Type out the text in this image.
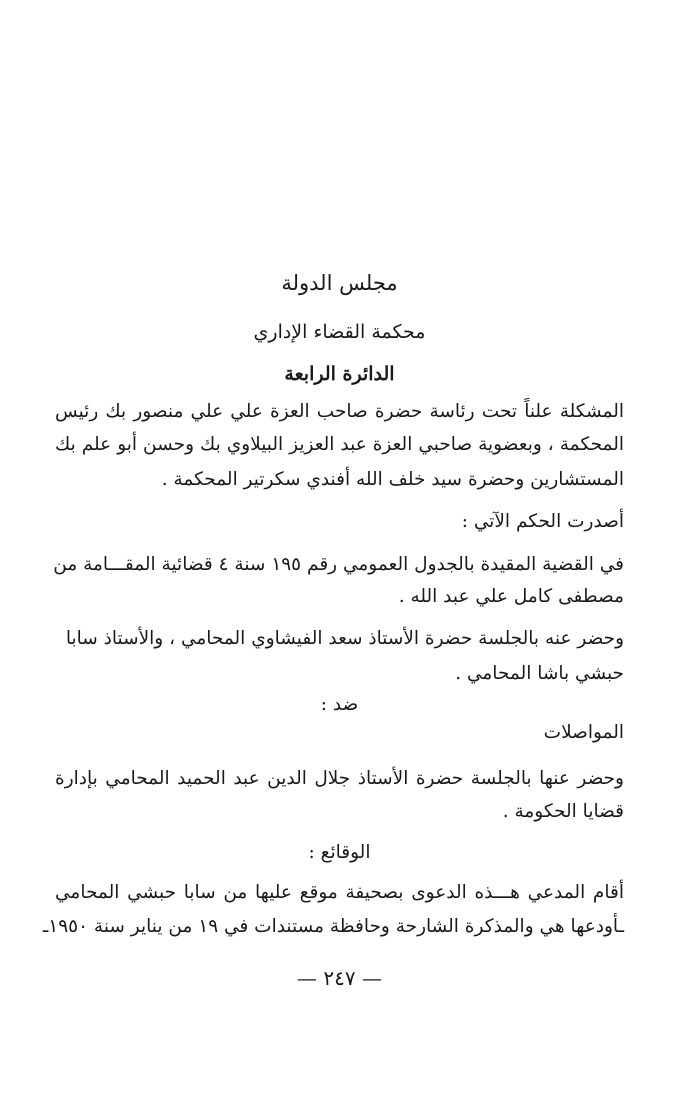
مجلس الدولة
محكمة القضاء الإداري
الدائرة الرابعة
المشكلة علناً تحت رئاسة حضرة صاحب العزة علي علي منصور بك رئيس
المحكمة ، وبعضوية صاحبي العزة عبد العزيز البيلاوي بك وحسن أبو علم بك
المستشارين وحضرة سيد خلف الله أفندي سكرتير المحكمة .
أصدرت الحكم الآتي :
في القضية المقيدة بالجدول العمومي رقم ١٩٥ سنة ٤ قضائية المقـــامة من
مصطفى كامل علي عبد الله .
وحضر عنه بالجلسة حضرة الأستاذ سعد الفيشاوي المحامي ، والأستاذ سابا
حبشي باشا المحامي .
ضد :
المواصلات
وحضر عنها بالجلسة حضرة الأستاذ جلال الدين عبد الحميد المحامي بإدارة
قضايا الحكومة .
الوقائع :
أقام المدعي هـــذه الدعوى بصحيفة موقع عليها من سابا حبشي المحامي
ـأودعها هي والمذكرة الشارحة وحافظة مستندات في ١٩ من يناير سنة ١٩٥٠ـ
— ٢٤٧ —
